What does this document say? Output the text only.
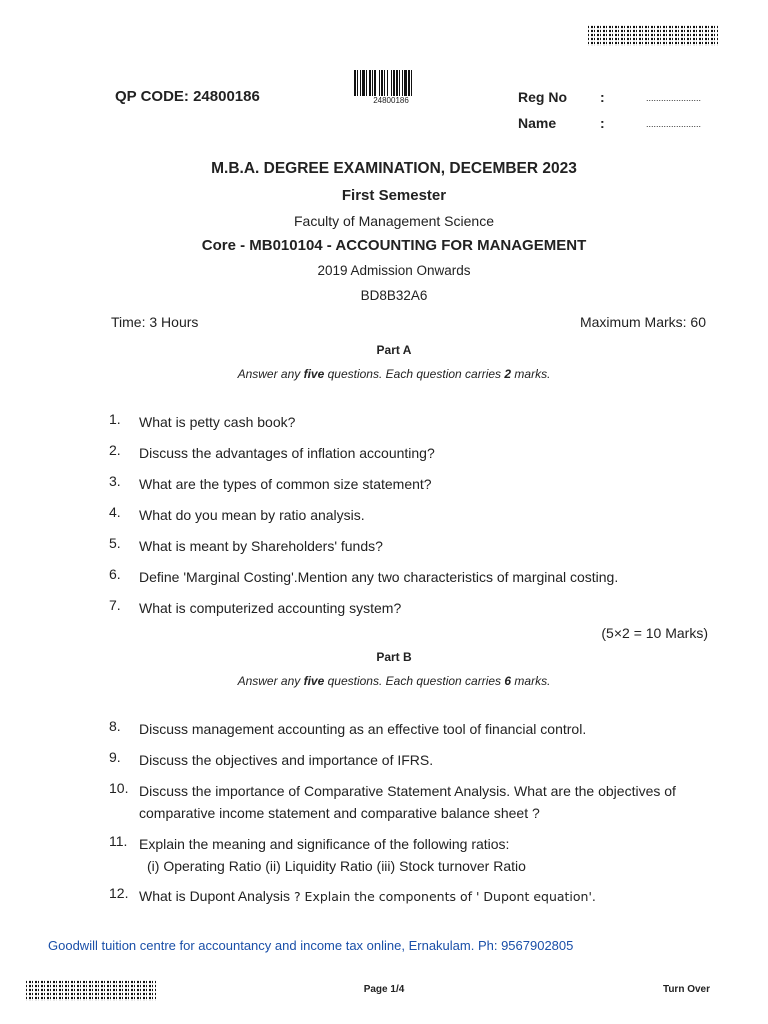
QP CODE: 24800186	24800186	Reg No :	......................
Name	:	......................
M.B.A. DEGREE EXAMINATION, DECEMBER 2023
First Semester
Faculty of Management Science
Core - MB010104 - ACCOUNTING FOR MANAGEMENT
2019 Admission Onwards
BD8B32A6
Time: 3 Hours	Maximum Marks: 60
Part A
Answer any five questions. Each question carries 2 marks.
1.	What is petty cash book?
2.	Discuss the advantages of inflation accounting?
3.	What are the types of common size statement?
4.	What do you mean by ratio analysis.
5.	What is meant by Shareholders' funds?
6.	Define 'Marginal Costing'.Mention any two characteristics of marginal costing.
7.	What is computerized accounting system?
(5×2 = 10 Marks)
Part B
Answer any five questions. Each question carries 6 marks.
8.	Discuss management accounting as an effective tool of financial control.
9.	Discuss the objectives and importance of IFRS.
10. Discuss the importance of Comparative Statement Analysis. What are the objectives of
comparative income statement and comparative balance sheet ?
11. Explain the meaning and significance of the following ratios:
(i) Operating Ratio (ii) Liquidity Ratio (iii) Stock turnover Ratio
12. What is Dupont Analysis ? Explain the components of ' Dupont equation'.
Goodwill tuition centre for accountancy and income tax online, Ernakulam. Ph: 9567902805
Page 1/4	Turn Over
